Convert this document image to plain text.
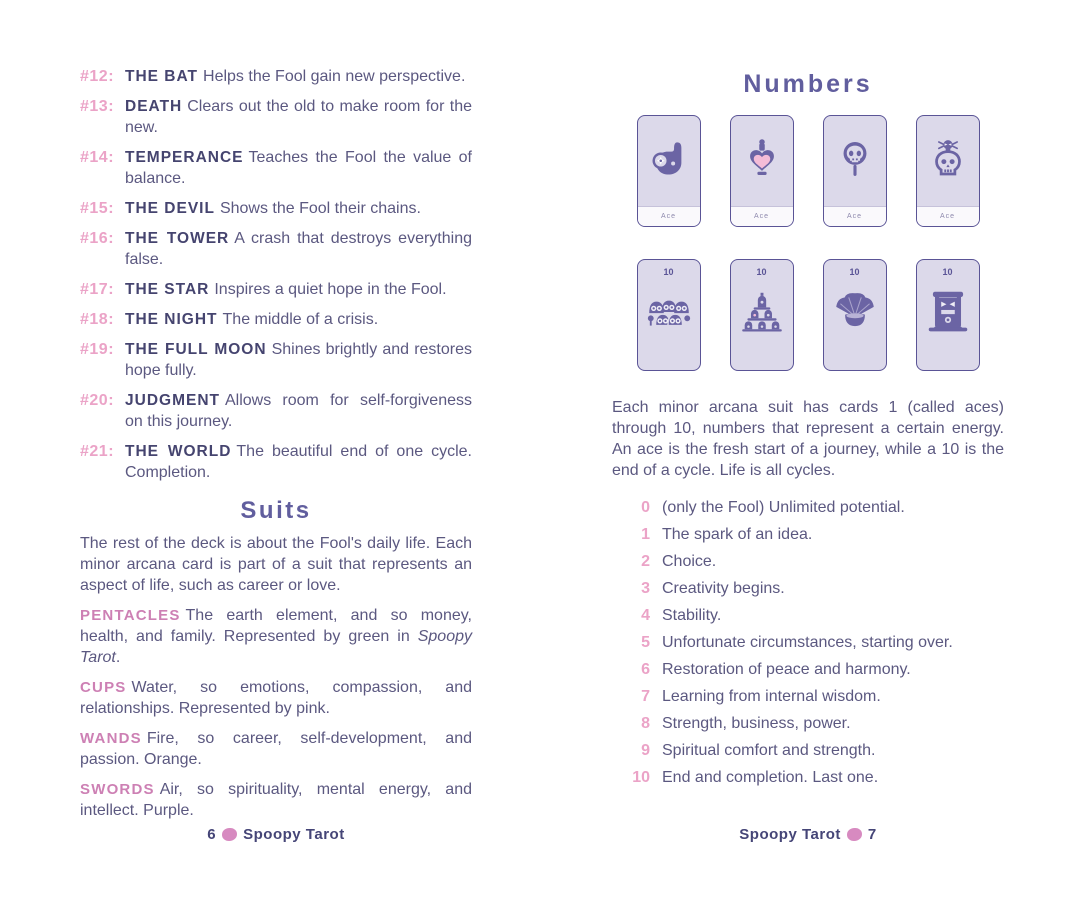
#12: THE BAT Helps the Fool gain new perspective.
#13: DEATH Clears out the old to make room for the new.
#14: TEMPERANCE Teaches the Fool the value of balance.
#15: THE DEVIL Shows the Fool their chains.
#16: THE TOWER A crash that destroys everything false.
#17: THE STAR Inspires a quiet hope in the Fool.
#18: THE NIGHT The middle of a crisis.
#19: THE FULL MOON Shines brightly and restores hope fully.
#20: JUDGMENT Allows room for self-forgiveness on this journey.
#21: THE WORLD The beautiful end of one cycle. Completion.
Suits

The rest of the deck is about the Fool's daily life. Each minor arcana card is part of a suit that represents an aspect of life, such as career or love.

PENTACLES The earth element, and so money, health, and family. Represented by green in Spoopy Tarot.

CUPS Water, so emotions, compassion, and relationships. Represented by pink.

WANDS Fire, so career, self-development, and passion. Orange.

SWORDS Air, so spirituality, mental energy, and intellect. Purple.

Numbers
Ace	Ace	Ace	Ace
10	10	10	10

Each minor arcana suit has cards 1 (called aces) through 10, numbers that represent a certain energy. An ace is the fresh start of a journey, while a 10 is the end of a cycle. Life is all cycles.

0 (only the Fool) Unlimited potential.
1 The spark of an idea.
2 Choice.
3 Creativity begins.
4 Stability.
5 Unfortunate circumstances, starting over.
6 Restoration of peace and harmony.
7 Learning from internal wisdom.
8 Strength, business, power.
9 Spiritual comfort and strength.
10 End and completion. Last one.
6 Spoopy Tarot	Spoopy Tarot 7
